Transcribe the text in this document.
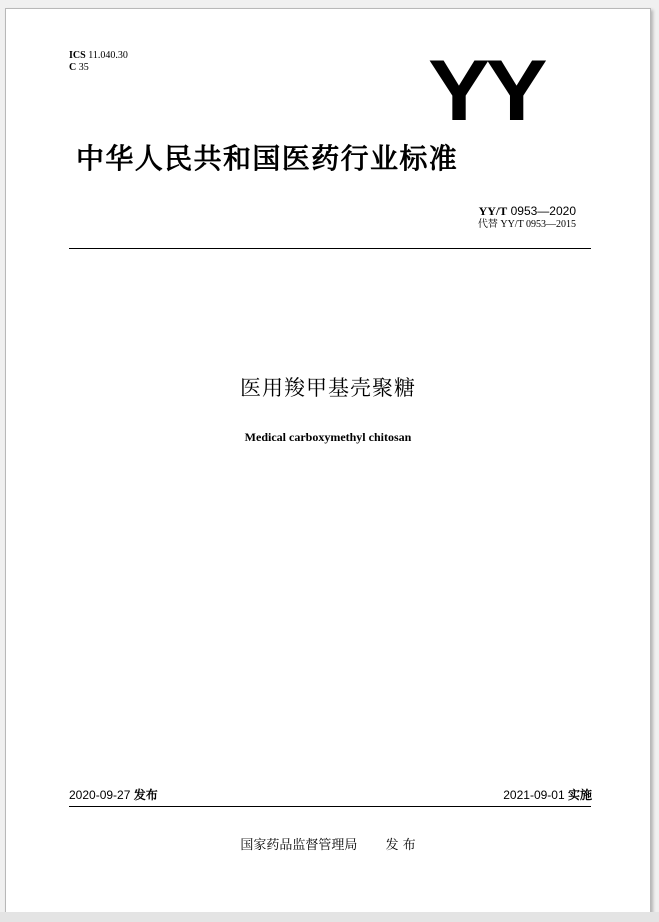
ICS 11.040.30
C 35	YY
中华人民共和国医药行业标准
YY/T 0953—2020
代替 YY/T 0953—2015
医用羧甲基壳聚糖
Medical carboxymethyl chitosan
2020-09-27 发布	2021-09-01 实施
国家药品监督管理局 发 布
